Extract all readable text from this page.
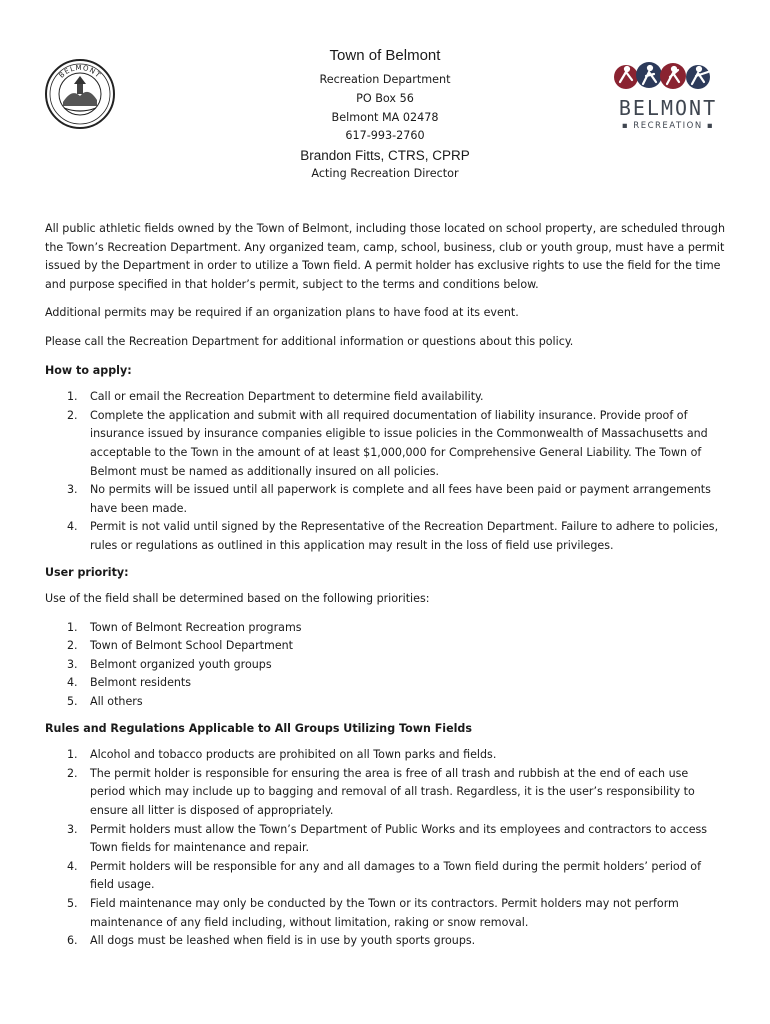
BELMONT
BELMONT
▪ RECREATION ▪
Town of Belmont
Recreation Department
PO Box 56
Belmont MA 02478
617-993-2760
Brandon Fitts, CTRS, CPRP
Acting Recreation Director

All public athletic fields owned by the Town of Belmont, including those located on school property, are scheduled through the Town’s Recreation Department. Any organized team, camp, school, business, club or youth group, must have a permit issued by the Department in order to utilize a Town field. A permit holder has exclusive rights to use the field for the time and purpose specified in that holder’s permit, subject to the terms and conditions below.

Additional permits may be required if an organization plans to have food at its event.

Please call the Recreation Department for additional information or questions about this policy.

How to apply:

1. Call or email the Recreation Department to determine field availability.
2. Complete the application and submit with all required documentation of liability insurance. Provide proof of insurance issued by insurance companies eligible to issue policies in the Commonwealth of Massachusetts and acceptable to the Town in the amount of at least $1,000,000 for Comprehensive General Liability. The Town of Belmont must be named as additionally insured on all policies.
3. No permits will be issued until all paperwork is complete and all fees have been paid or payment arrangements have been made.
4. Permit is not valid until signed by the Representative of the Recreation Department. Failure to adhere to policies, rules or regulations as outlined in this application may result in the loss of field use privileges.

User priority:

Use of the field shall be determined based on the following priorities:

1. Town of Belmont Recreation programs
2. Town of Belmont School Department
3. Belmont organized youth groups
4. Belmont residents
5. All others

Rules and Regulations Applicable to All Groups Utilizing Town Fields

1. Alcohol and tobacco products are prohibited on all Town parks and fields.
2. The permit holder is responsible for ensuring the area is free of all trash and rubbish at the end of each use period which may include up to bagging and removal of all trash. Regardless, it is the user’s responsibility to ensure all litter is disposed of appropriately.
3. Permit holders must allow the Town’s Department of Public Works and its employees and contractors to access Town fields for maintenance and repair.
4. Permit holders will be responsible for any and all damages to a Town field during the permit holders’ period of field usage.
5. Field maintenance may only be conducted by the Town or its contractors. Permit holders may not perform maintenance of any field including, without limitation, raking or snow removal.
6. All dogs must be leashed when field is in use by youth sports groups.
